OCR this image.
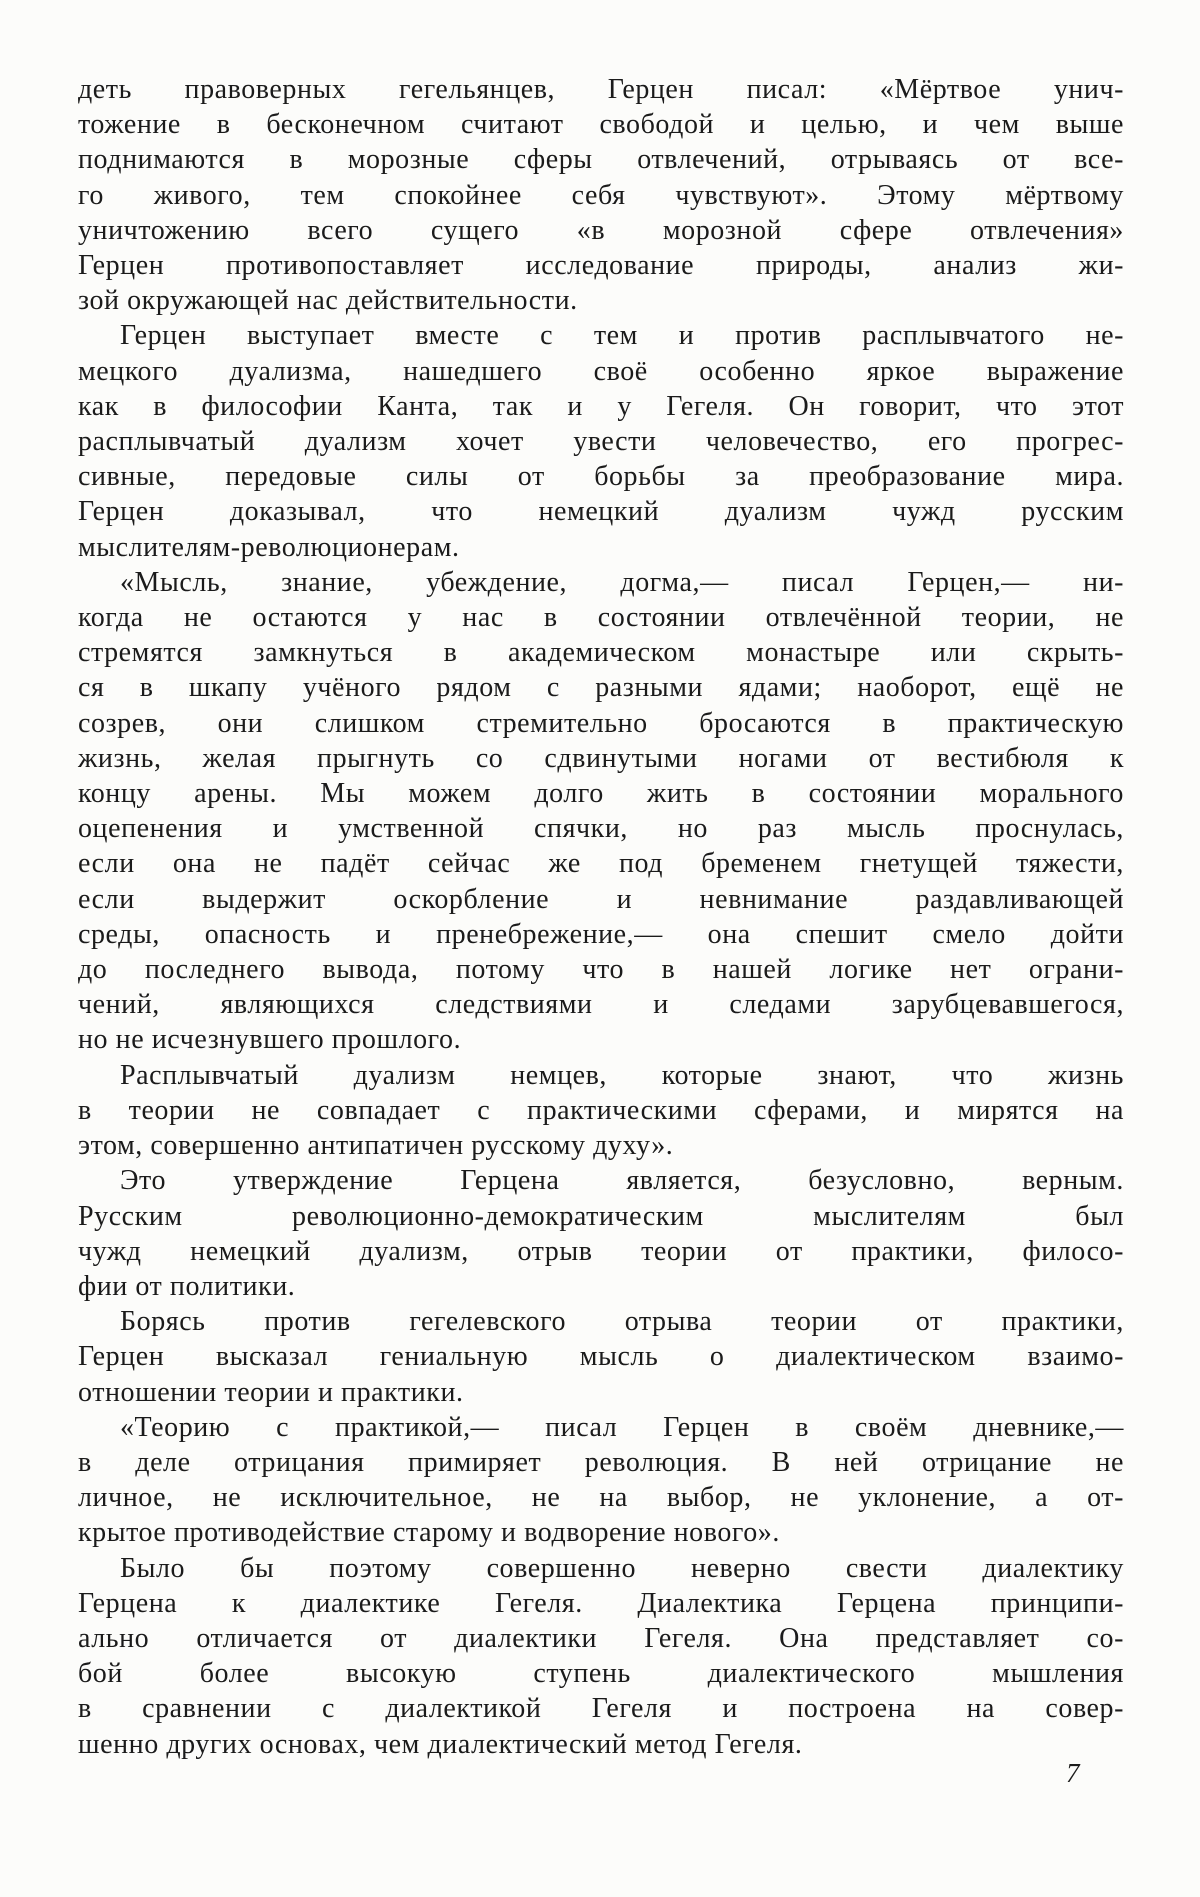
деть правоверных гегельянцев, Герцен писал: «Мёртвое унич-
тожение в бесконечном считают свободой и целью, и чем выше
поднимаются в морозные сферы отвлечений, отрываясь от все-
го живого, тем спокойнее себя чувствуют». Этому мёртвому
уничтожению всего сущего «в морозной сфере отвлечения»
Герцен противопоставляет исследование природы, анализ жи-
зой окружающей нас действительности.
Герцен выступает вместе с тем и против расплывчатого не-
мецкого дуализма, нашедшего своё особенно яркое выражение
как в философии Канта, так и у Гегеля. Он говорит, что этот
расплывчатый дуализм хочет увести человечество, его прогрес-
сивные, передовые силы от борьбы за преобразование мира.
Герцен доказывал, что немецкий дуализм чужд русским
мыслителям-революционерам.
«Мысль, знание, убеждение, догма,— писал Герцен,— ни-
когда не остаются у нас в состоянии отвлечённой теории, не
стремятся замкнуться в академическом монастыре или скрыть-
ся в шкапу учёного рядом с разными ядами; наоборот, ещё не
созрев, они слишком стремительно бросаются в практическую
жизнь, желая прыгнуть со сдвинутыми ногами от вестибюля к
концу арены. Мы можем долго жить в состоянии морального
оцепенения и умственной спячки, но раз мысль проснулась,
если она не падёт сейчас же под бременем гнетущей тяжести,
если выдержит оскорбление и невнимание раздавливающей
среды, опасность и пренебрежение,— она спешит смело дойти
до последнего вывода, потому что в нашей логике нет ограни-
чений, являющихся следствиями и следами зарубцевавшегося,
но не исчезнувшего прошлого.
Расплывчатый дуализм немцев, которые знают, что жизнь
в теории не совпадает с практическими сферами, и мирятся на
этом, совершенно антипатичен русскому духу».
Это утверждение Герцена является, безусловно, верным.
Русским революционно-демократическим мыслителям был
чужд немецкий дуализм, отрыв теории от практики, филосо-
фии от политики.
Борясь против гегелевского отрыва теории от практики,
Герцен высказал гениальную мысль о диалектическом взаимо-
отношении теории и практики.
«Теорию с практикой,— писал Герцен в своём дневнике,—
в деле отрицания примиряет революция. В ней отрицание не
личное, не исключительное, не на выбор, не уклонение, а от-
крытое противодействие старому и водворение нового».
Было бы поэтому совершенно неверно свести диалектику
Герцена к диалектике Гегеля. Диалектика Герцена принципи-
ально отличается от диалектики Гегеля. Она представляет со-
бой более высокую ступень диалектического мышления
в сравнении с диалектикой Гегеля и построена на совер-
шенно других основах, чем диалектический метод Гегеля.
7
